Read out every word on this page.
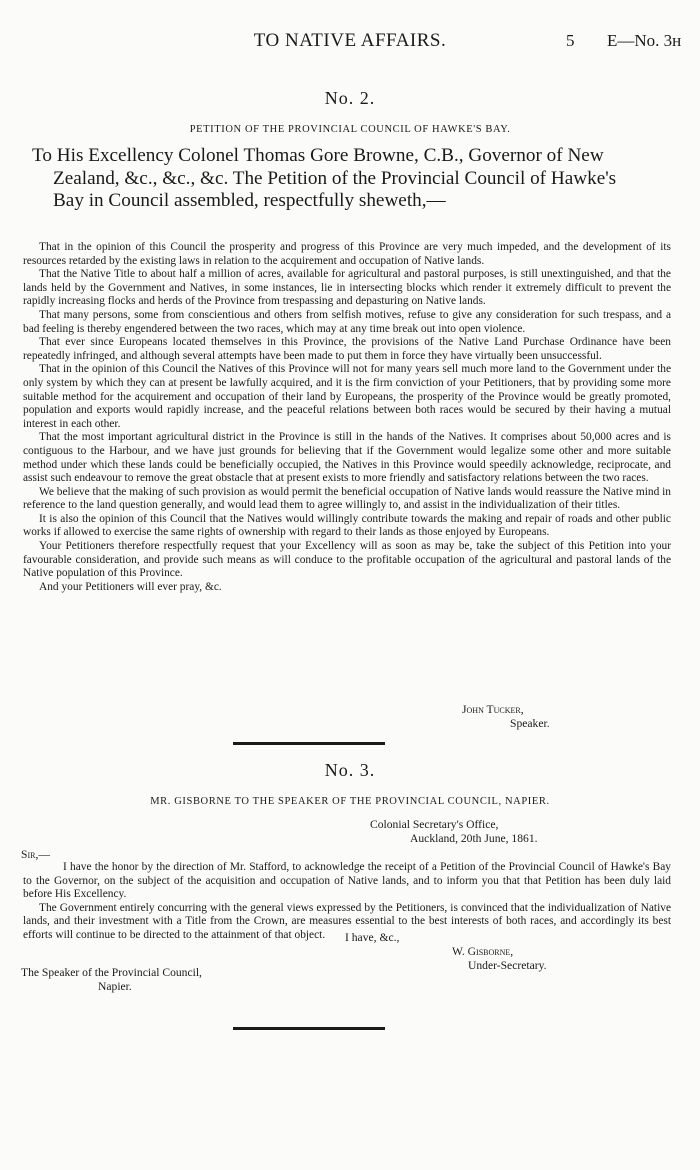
TO NATIVE AFFAIRS.	5 E—No. 3ʜ
No. 2.
PETITION OF THE PROVINCIAL COUNCIL OF HAWKE'S BAY.
To His Excellency Colonel Thomas Gore Browne, C.B., Governor of New
Zealand, &c., &c., &c. The Petition of the Provincial Council of Hawke's
Bay in Council assembled, respectfully sheweth,—

That in the opinion of this Council the prosperity and progress of this Province are very much impeded, and the development of its resources retarded by the existing laws in relation to the acquirement and occupation of Native lands.

That the Native Title to about half a million of acres, available for agricultural and pastoral purposes, is still unextinguished, and that the lands held by the Government and Natives, in some instances, lie in intersecting blocks which render it extremely difficult to prevent the rapidly increasing flocks and herds of the Province from trespassing and depasturing on Native lands.

That many persons, some from conscientious and others from selfish motives, refuse to give any consideration for such trespass, and a bad feeling is thereby engendered between the two races, which may at any time break out into open violence.

That ever since Europeans located themselves in this Province, the provisions of the Native Land Purchase Ordinance have been repeatedly infringed, and although several attempts have been made to put them in force they have virtually been unsuccessful.

That in the opinion of this Council the Natives of this Province will not for many years sell much more land to the Government under the only system by which they can at present be lawfully acquired, and it is the firm conviction of your Petitioners, that by providing some more suitable method for the acquirement and occupation of their land by Europeans, the prosperity of the Province would be greatly promoted, population and exports would rapidly increase, and the peaceful relations between both races would be secured by their having a mutual interest in each other.

That the most important agricultural district in the Province is still in the hands of the Natives. It comprises about 50,000 acres and is contiguous to the Harbour, and we have just grounds for believing that if the Government would legalize some other and more suitable method under which these lands could be beneficially occupied, the Natives in this Province would speedily acknowledge, reciprocate, and assist such endeavour to remove the great obstacle that at present exists to more friendly and satisfactory relations between the two races.

We believe that the making of such provision as would permit the beneficial occupation of Native lands would reassure the Native mind in reference to the land question generally, and would lead them to agree willingly to, and assist in the individualization of their titles.

It is also the opinion of this Council that the Natives would willingly contribute towards the making and repair of roads and other public works if allowed to exercise the same rights of ownership with regard to their lands as those enjoyed by Europeans.

Your Petitioners therefore respectfully request that your Excellency will as soon as may be, take the subject of this Petition into your favourable consideration, and provide such means as will conduce to the profitable occupation of the agricultural and pastoral lands of the Native population of this Province.

And your Petitioners will ever pray, &c.

John Tucker,
Speaker.
No. 3.
MR. GISBORNE TO THE SPEAKER OF THE PROVINCIAL COUNCIL, NAPIER.
Colonial Secretary's Office,
Auckland, 20th June, 1861.
Sir,—

I have the honor by the direction of Mr. Stafford, to acknowledge the receipt of a Petition of the Provincial Council of Hawke's Bay to the Governor, on the subject of the acquisition and occupation of Native lands, and to inform you that that Petition has been duly laid before His Excellency.

The Government entirely concurring with the general views expressed by the Petitioners, is convinced that the individualization of Native lands, and their investment with a Title from the Crown, are measures essential to the best interests of both races, and accordingly its best efforts will continue to be directed to the attainment of that object.	I have, &c.,
W. Gisborne,
Under-Secretary.
The Speaker of the Provincial Council,
Napier.
